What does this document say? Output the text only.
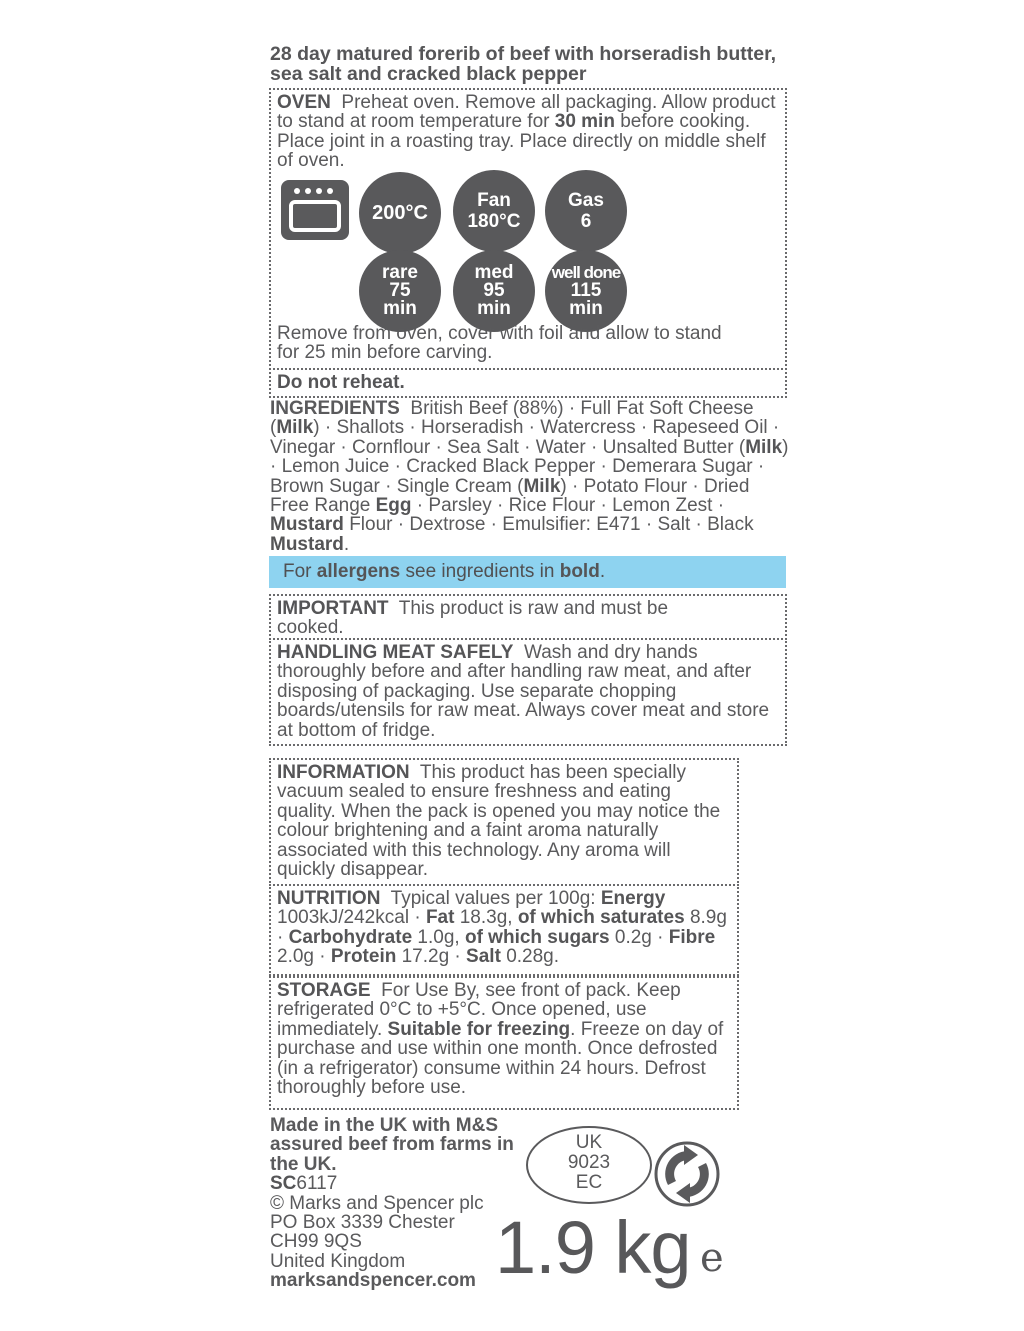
28 day matured forerib of beef with horseradish butter, sea salt and cracked black pepper
OVEN Preheat oven. Remove all packaging. Allow product to stand at room temperature for 30 min before cooking. Place joint in a roasting tray. Place directly on middle shelf of oven.
200°C
Fan
180°C
Gas
6
rare
75
min
med
95
min
well done
115
min
Remove from oven, cover with foil and allow to stand for 25 min before carving.
Do not reheat.
INGREDIENTS British Beef (88%) · Full Fat Soft Cheese (Milk) · Shallots · Horseradish · Watercress · Rapeseed Oil · Vinegar · Cornflour · Sea Salt · Water · Unsalted Butter (Milk) · Lemon Juice · Cracked Black Pepper · Demerara Sugar · Brown Sugar · Single Cream (Milk) · Potato Flour · Dried Free Range Egg · Parsley · Rice Flour · Lemon Zest · Mustard Flour · Dextrose · Emulsifier: E471 · Salt · Black Mustard.
For allergens see ingredients in bold.
IMPORTANT This product is raw and must be cooked.
HANDLING MEAT SAFELY Wash and dry hands thoroughly before and after handling raw meat, and after disposing of packaging. Use separate chopping boards/utensils for raw meat. Always cover meat and store at bottom of fridge.
INFORMATION This product has been specially vacuum sealed to ensure freshness and eating quality. When the pack is opened you may notice the colour brightening and a faint aroma naturally associated with this technology. Any aroma will quickly disappear.
NUTRITION Typical values per 100g: Energy 1003kJ/242kcal · Fat 18.3g, of which saturates 8.9g · Carbohydrate 1.0g, of which sugars 0.2g · Fibre 2.0g · Protein 17.2g · Salt 0.28g.
STORAGE For Use By, see front of pack. Keep refrigerated 0°C to +5°C. Once opened, use immediately. Suitable for freezing. Freeze on day of purchase and use within one month. Once defrosted (in a refrigerator) consume within 24 hours. Defrost thoroughly before use.
Made in the UK with M&S assured beef from farms in the UK.
SC6117
© Marks and Spencer plc
PO Box 3339 Chester
CH99 9QS
United Kingdom
marksandspencer.com
UK
9023
EC
1.9 kg e
